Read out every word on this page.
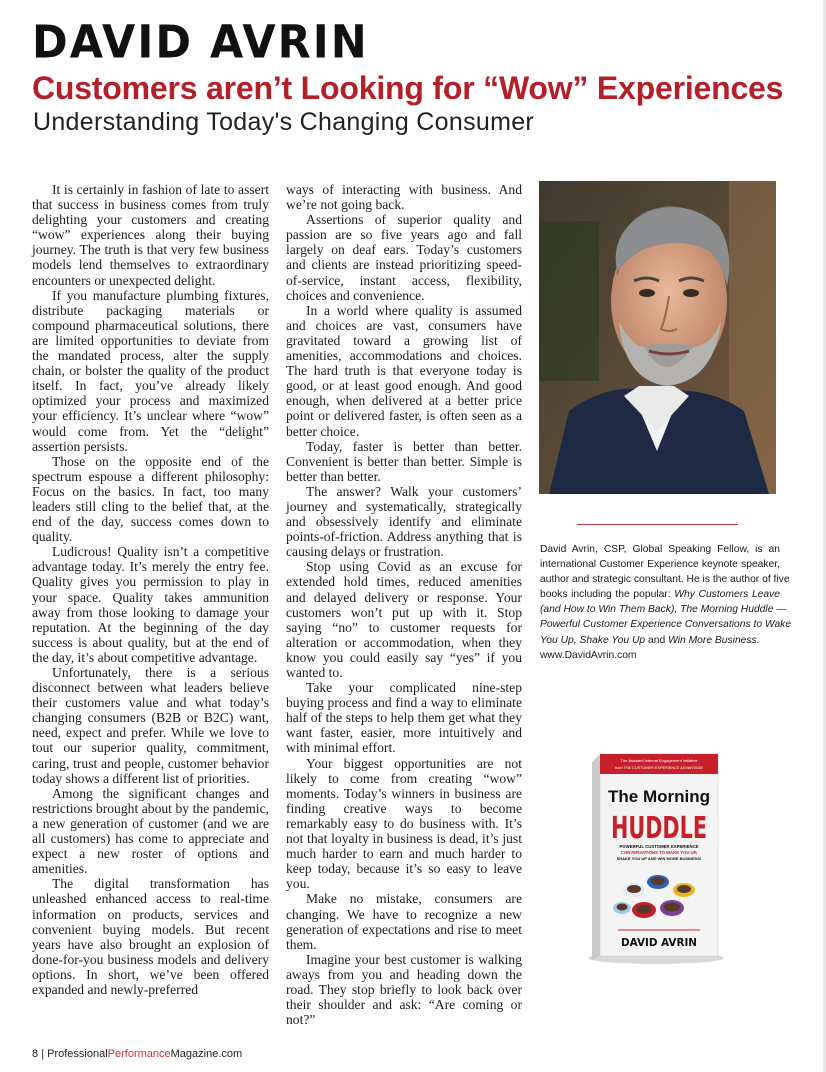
DAVID AVRIN
Customers aren’t Looking for “Wow” Experiences
Understanding Today's Changing Consumer

It is certainly in fashion of late to assert that success in business comes from truly delighting your customers and creating “wow” experiences along their buying journey. The truth is that very few business models lend themselves to extraordinary encounters or unexpected delight.

If you manufacture plumbing fixtures, distribute packaging materials or compound pharmaceutical solutions, there are limited opportunities to deviate from the mandated process, alter the supply chain, or bolster the quality of the product itself. In fact, you’ve already likely optimized your process and maximized your efficiency. It’s unclear where “wow” would come from. Yet the “delight” assertion persists.

Those on the opposite end of the spectrum espouse a different philosophy: Focus on the basics. In fact, too many leaders still cling to the belief that, at the end of the day, success comes down to quality.

Ludicrous! Quality isn’t a competitive advantage today. It’s merely the entry fee. Quality gives you permission to play in your space. Quality takes ammunition away from those looking to damage your reputation. At the beginning of the day success is about quality, but at the end of the day, it’s about competitive advantage.

Unfortunately, there is a serious disconnect between what leaders believe their customers value and what today’s changing consumers (B2B or B2C) want, need, expect and prefer. While we love to tout our superior quality, commitment, caring, trust and people, customer behavior today shows a different list of priorities.

Among the significant changes and restrictions brought about by the pandemic, a new generation of customer (and we are all customers) has come to appreciate and expect a new roster of options and amenities.

The digital transformation has unleashed enhanced access to real-time information on products, services and convenient buying models. But recent years have also brought an explosion of done-for-you business models and delivery options. In short, we’ve been offered expanded and newly-preferred

ways of interacting with business. And we’re not going back.

Assertions of superior quality and passion are so five years ago and fall largely on deaf ears. Today’s customers and clients are instead prioritizing speed-of-service, instant access, flexibility, choices and convenience.

In a world where quality is assumed and choices are vast, consumers have gravitated toward a growing list of amenities, accommodations and choices. The hard truth is that everyone today is good, or at least good enough. And good enough, when delivered at a better price point or delivered faster, is often seen as a better choice.

Today, faster is better than better. Convenient is better than better. Simple is better than better.

The answer? Walk your customers’ journey and systematically, strategically and obsessively identify and eliminate points-of-friction. Address anything that is causing delays or frustration.

Stop using Covid as an excuse for extended hold times, reduced amenities and delayed delivery or response. Your customers won’t put up with it. Stop saying “no” to customer requests for alteration or accommodation, when they know you could easily say “yes” if you wanted to.

Take your complicated nine-step buying process and find a way to eliminate half of the steps to help them get what they want faster, easier, more intuitively and with minimal effort.

Your biggest opportunities are not likely to come from creating “wow” moments. Today’s winners in business are finding creative ways to become remarkably easy to do business with. It’s not that loyalty in business is dead, it’s just much harder to earn and much harder to keep today, because it’s so easy to leave you.

Make no mistake, consumers are changing. We have to recognize a new generation of expectations and rise to meet them.

Imagine your best customer is walking aways from you and heading down the road. They stop briefly to look back over their shoulder and ask: “Are coming or not?”

David Avrin, CSP, Global Speaking Fellow, is an
international Customer Experience keynote speaker,
author and strategic consultant. He is the author of five
books including the popular: Why Customers Leave
(and How to Win Them Back), The Morning Huddle —
Powerful Customer Experience Conversations to Wake
You Up, Shake You Up and Win More Business.
www.DavidAvrin.com
The Assisted Internal Engagement Initiative
from THE CUSTOMER EXPERIENCE ADVANTAGE
The Morning
HUDDLE
POWERFUL CUSTOMER EXPERIENCE
CONVERSATIONS TO WAKE YOU UP,
SHAKE YOU UP AND WIN MORE BUSINESS!
DAVID AVRIN
8 | ProfessionalPerformanceMagazine.com
